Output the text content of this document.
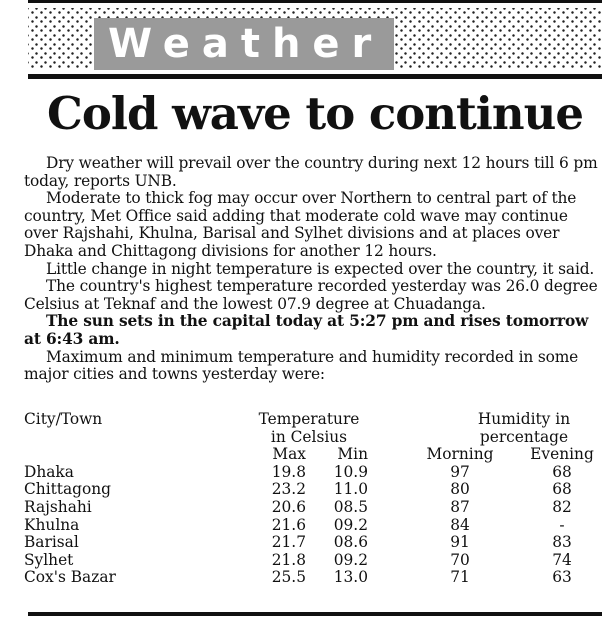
Weather
Cold wave to continue

Dry weather will prevail over the country during next 12 hours till 6 pm today, reports UNB.

Moderate to thick fog may occur over Northern to central part of the country, Met Office said adding that moderate cold wave may continue over Rajshahi, Khulna, Barisal and Sylhet divisions and at places over Dhaka and Chittagong divisions for another 12 hours.

Little change in night temperature is expected over the country, it said.

The country's highest temperature recorded yesterday was 26.0 degree Celsius at Teknaf and the lowest 07.9 degree at Chuadanga.

The sun sets in the capital today at 5:27 pm and rises tomorrow at 6:43 am.

Maximum and minimum temperature and humidity recorded in some major cities and towns yesterday were:

City/Town	Temperature	Humidity in
in Celsius	percentage
Max	Min	Morning	Evening
Dhaka	19.8	10.9	97	68
Chittagong	23.2	11.0	80	68
Rajshahi	20.6	08.5	87	82
Khulna	21.6	09.2	84	-
Barisal	21.7	08.6	91	83
Sylhet	21.8	09.2	70	74
Cox's Bazar	25.5	13.0	71	63
